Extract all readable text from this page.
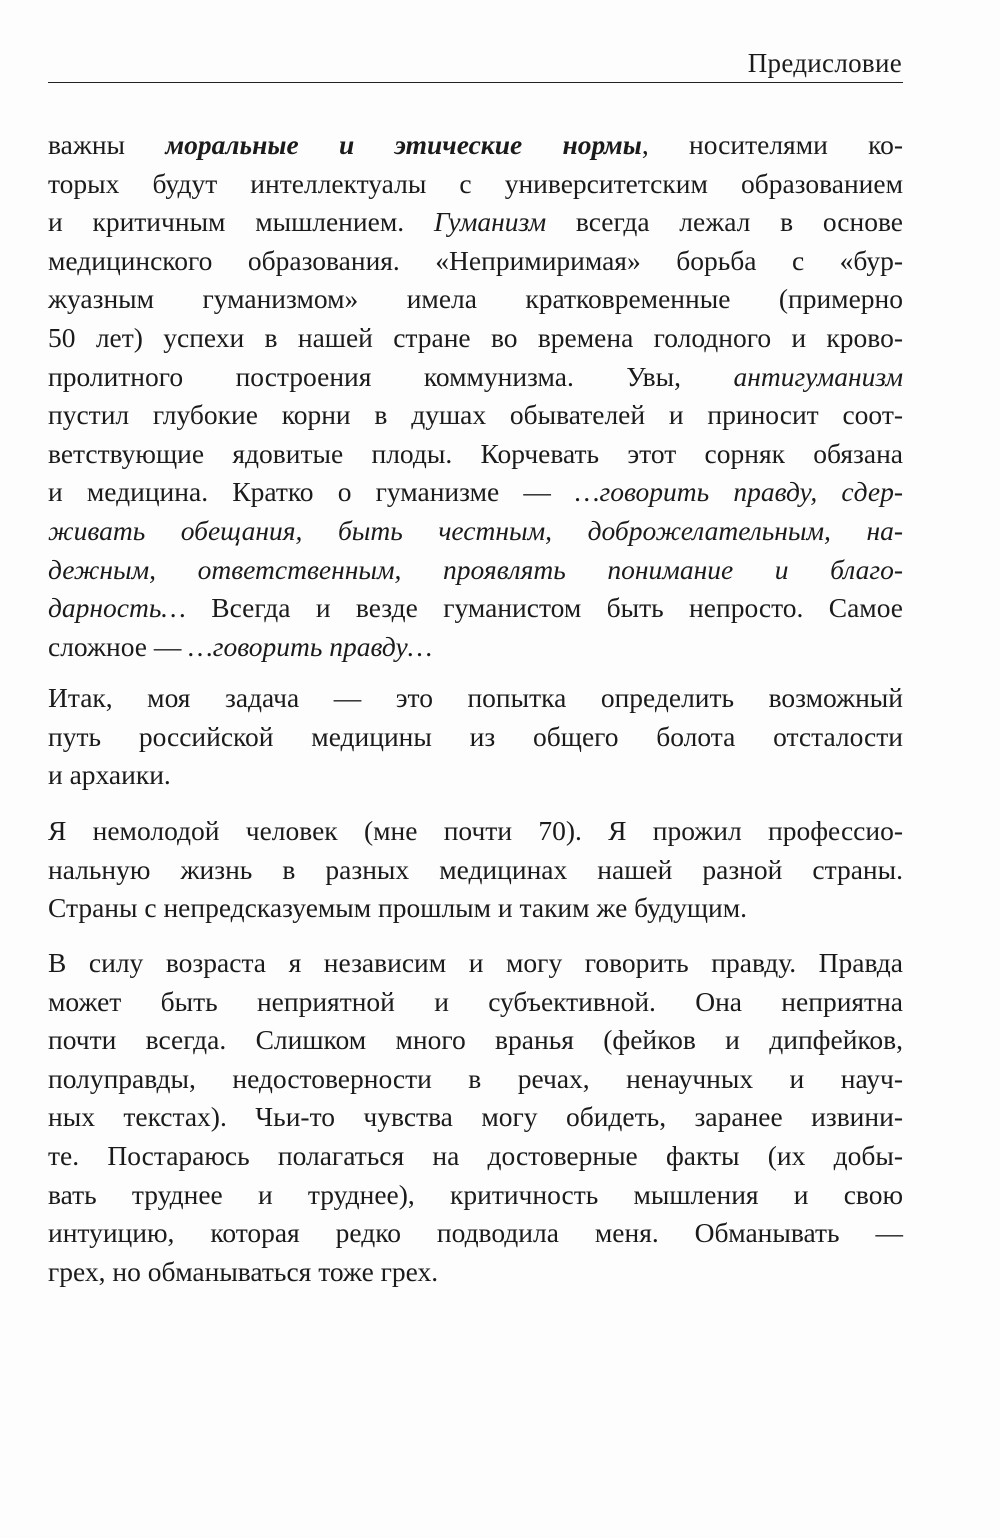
Предисловие
важны моральные и этические нормы, носителями ко-
торых будут интеллектуалы с университетским образованием
и критичным мышлением. Гуманизм всегда лежал в основе
медицинского образования. «Непримиримая» борьба с «бур-
жуазным гуманизмом» имела кратковременные (примерно
50 лет) успехи в нашей стране во времена голодного и крово-
пролитного построения коммунизма. Увы, антигуманизм
пустил глубокие корни в душах обывателей и приносит соот-
ветствующие ядовитые плоды. Корчевать этот сорняк обязана
и медицина. Кратко о гуманизме — …говорить правду, сдер-
живать обещания, быть честным, доброжелательным, на-
дежным, ответственным, проявлять понимание и благо-
дарность… Всегда и везде гуманистом быть непросто. Самое
сложное — …говорить правду…
Итак, моя задача — это попытка определить возможный
путь российской медицины из общего болота отсталости
и архаики.
Я немолодой человек (мне почти 70). Я прожил профессио-
нальную жизнь в разных медицинах нашей разной страны.
Страны с непредсказуемым прошлым и таким же будущим.
В силу возраста я независим и могу говорить правду. Правда
может быть неприятной и субъективной. Она неприятна
почти всегда. Слишком много вранья (фейков и дипфейков,
полуправды, недостоверности в речах, ненаучных и науч-
ных текстах). Чьи-то чувства могу обидеть, заранее извини-
те. Постараюсь полагаться на достоверные факты (их добы-
вать труднее и труднее), критичность мышления и свою
интуицию, которая редко подводила меня. Обманывать —
грех, но обманываться тоже грех.
